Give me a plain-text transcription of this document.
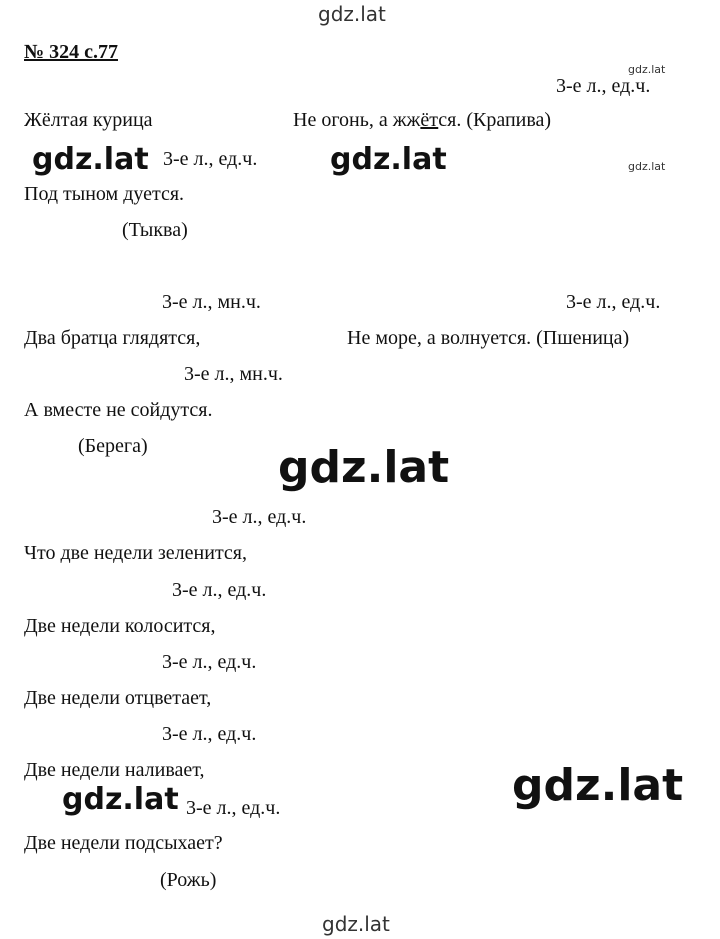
gdz.lat
№ 324 с.77
3-е л., ед.ч.
gdz.lat
Жёлтая курица	Не огонь, а жжётся. (Крапива)
gdz.lat 3-е л., ед.ч. gdz.lat	gdz.lat
Под тыном дуется.
(Тыква)
3-е л., мн.ч.	3-е л., ед.ч.
Два братца глядятся,	Не море, а волнуется. (Пшеница)
3-е л., мн.ч.
А вместе не сойдутся.
(Берега)	gdz.lat
3-е л., ед.ч.
Что две недели зеленится,
3-е л., ед.ч.
Две недели колосится,
3-е л., ед.ч.
Две недели отцветает,
3-е л., ед.ч.
Две недели наливает,	gdz.lat
gdz.lat 3-е л., ед.ч.
Две недели подсыхает?
(Рожь)
gdz.lat
